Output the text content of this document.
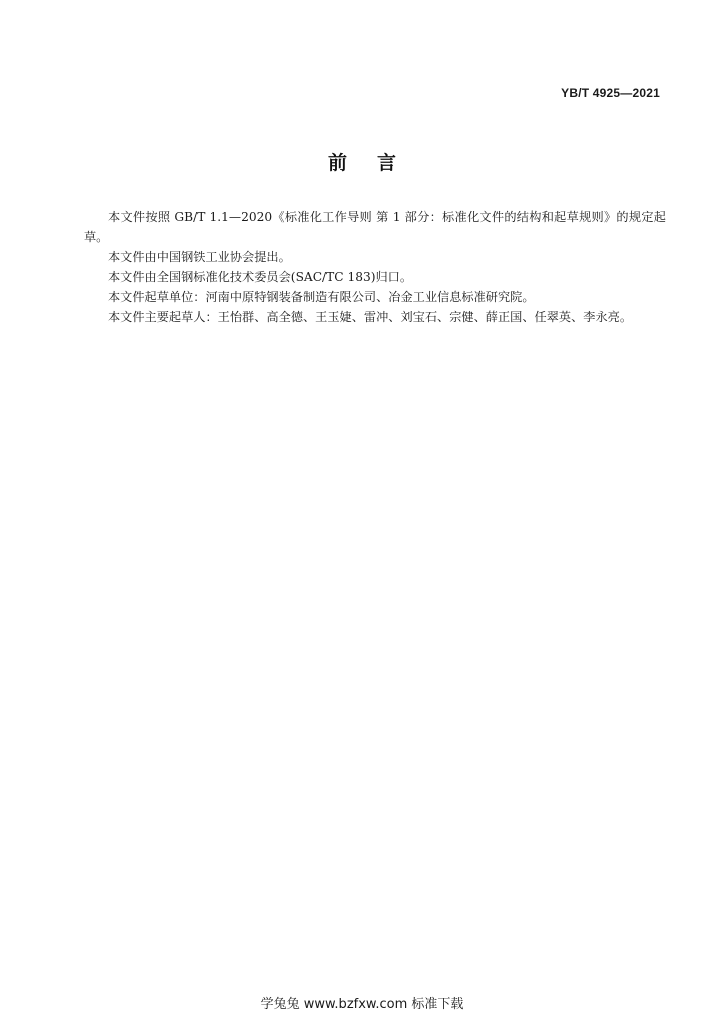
YB/T 4925—2021
前言

本文件按照 GB/T 1.1—2020《标准化工作导则 第 1 部分：标准化文件的结构和起草规则》的规定起草。

本文件由中国钢铁工业协会提出。

本文件由全国钢标准化技术委员会(SAC/TC 183)归口。

本文件起草单位：河南中原特钢装备制造有限公司、冶金工业信息标准研究院。

本文件主要起草人：王怡群、高全德、王玉婕、雷冲、刘宝石、宗健、薛正国、任翠英、李永亮。

学兔兔 www.bzfxw.com 标准下载
